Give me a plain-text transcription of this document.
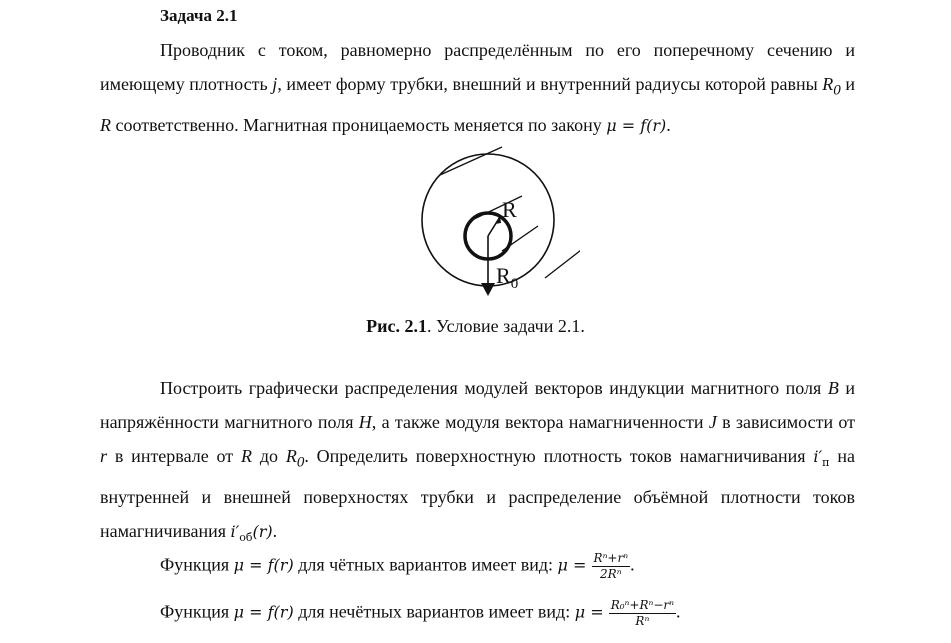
Задача 2.1
Проводник с током, равномерно распределённым по его поперечному сечению и имеющему плотность j, имеет форму трубки, внешний и внутренний радиусы которой равны $R_0$ и R соответственно. Магнитная проницаемость меняется по закону μ = f(r).
R
$R_0$
Рис. 2.1. Условие задачи 2.1.
Построить графически распределения модулей векторов индукции магнитного поля B и напряжённости магнитного поля H, а также модуля вектора намагниченности J в зависимости от r в интервале от R до $R_0$. Определить поверхностную плотность токов намагничивания $i'_п$ на внутренней и внешней поверхностях трубки и распределение объёмной плотности токов намагничивания $i'_{об}(r)$.
Функция μ = f(r) для чётных вариантов имеет вид: $\mu = \frac{\text{Rⁿ+rⁿ}}{\text{2Rⁿ}}$ .
Функция μ = f(r) для нечётных вариантов имеет вид: $\mu = \frac{\text{R₀ⁿ+Rⁿ−rⁿ}}{\text{Rⁿ}}$ .
